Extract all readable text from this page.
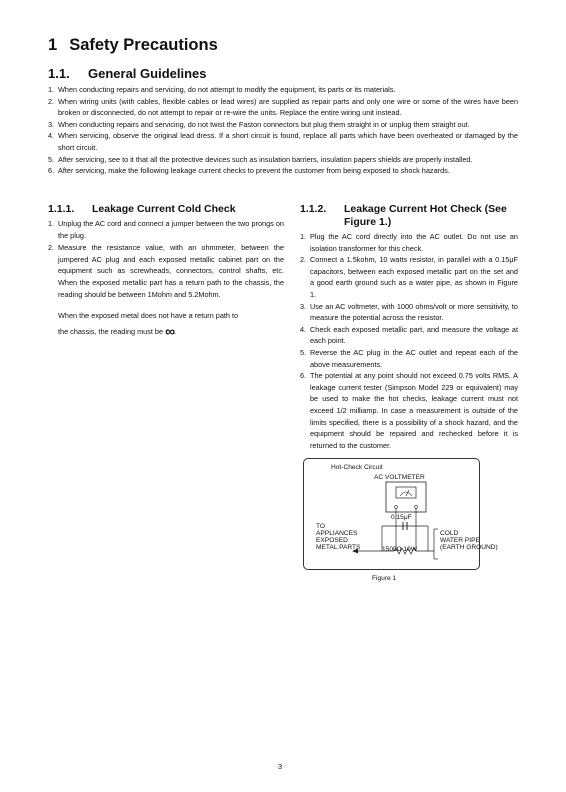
1 Safety Precautions
1.1. General Guidelines
1. When conducting repairs and servicing, do not attempt to modify the equipment, its parts or its materials.
2. When wiring units (with cables, flexible cables or lead wires) are supplied as repair parts and only one wire or some of the wires have been broken or disconnected, do not attempt to repair or re-wire the units. Replace the entire wiring unit instead.
3. When conducting repairs and servicing, do not twist the Faston connectors but plug them straight in or unplug them straight out.
4. When servicing, observe the original lead dress. If a short circuit is found, replace all parts which have been overheated or damaged by the short circuit.
5. After servicing, see to it that all the protective devices such as insulation barriers, insulation papers shields are properly installed.
6. After servicing, make the following leakage current checks to prevent the customer from being exposed to shock hazards.
1.1.1. Leakage Current Cold Check
1. Unplug the AC cord and connect a jumper between the two prongs on the plug.
2. Measure the resistance value, with an ohmmeter, between the jumpered AC plug and each exposed metallic cabinet part on the equipment such as screwheads, connectors, control shafts, etc. When the exposed metallic part has a return path to the chassis, the reading should be between 1Mohm and 5.2Mohm.
When the exposed metal does not have a return path to
the chassis, the reading must be ∞.
1.1.2. Leakage Current Hot Check (See
Figure 1.)
1. Plug the AC cord directly into the AC outlet. Do not use an isolation transformer for this check.
2. Connect a 1.5kohm, 10 watts resistor, in parallel with a 0.15μF capacitors, between each exposed metallic part on the set and a good earth ground such as a water pipe, as shown in Figure 1.
3. Use an AC voltmeter, with 1000 ohms/volt or more sensitivity, to measure the potential across the resistor.
4. Check each exposed metallic part, and measure the voltage at each point.
5. Reverse the AC plug in the AC outlet and repeat each of the above measurements.
6. The potential at any point should not exceed 0.75 volts RMS. A leakage current tester (Simpson Model 229 or equivalent) may be used to make the hot checks, leakage current must not exceed 1/2 milliamp. In case a measurement is outside of the limits specified, there is a possibility of a shock hazard, and the equipment should be repaired and rechecked before it is returned to the customer.
Hot-Check Circuit
AC VOLTMETER
0.15μF
TO
APPLIANCES
EXPOSED
METAL PARTS	1500Ω 10W
COLD
WATER PIPE
(EARTH GROUND)
Figure 1
3
